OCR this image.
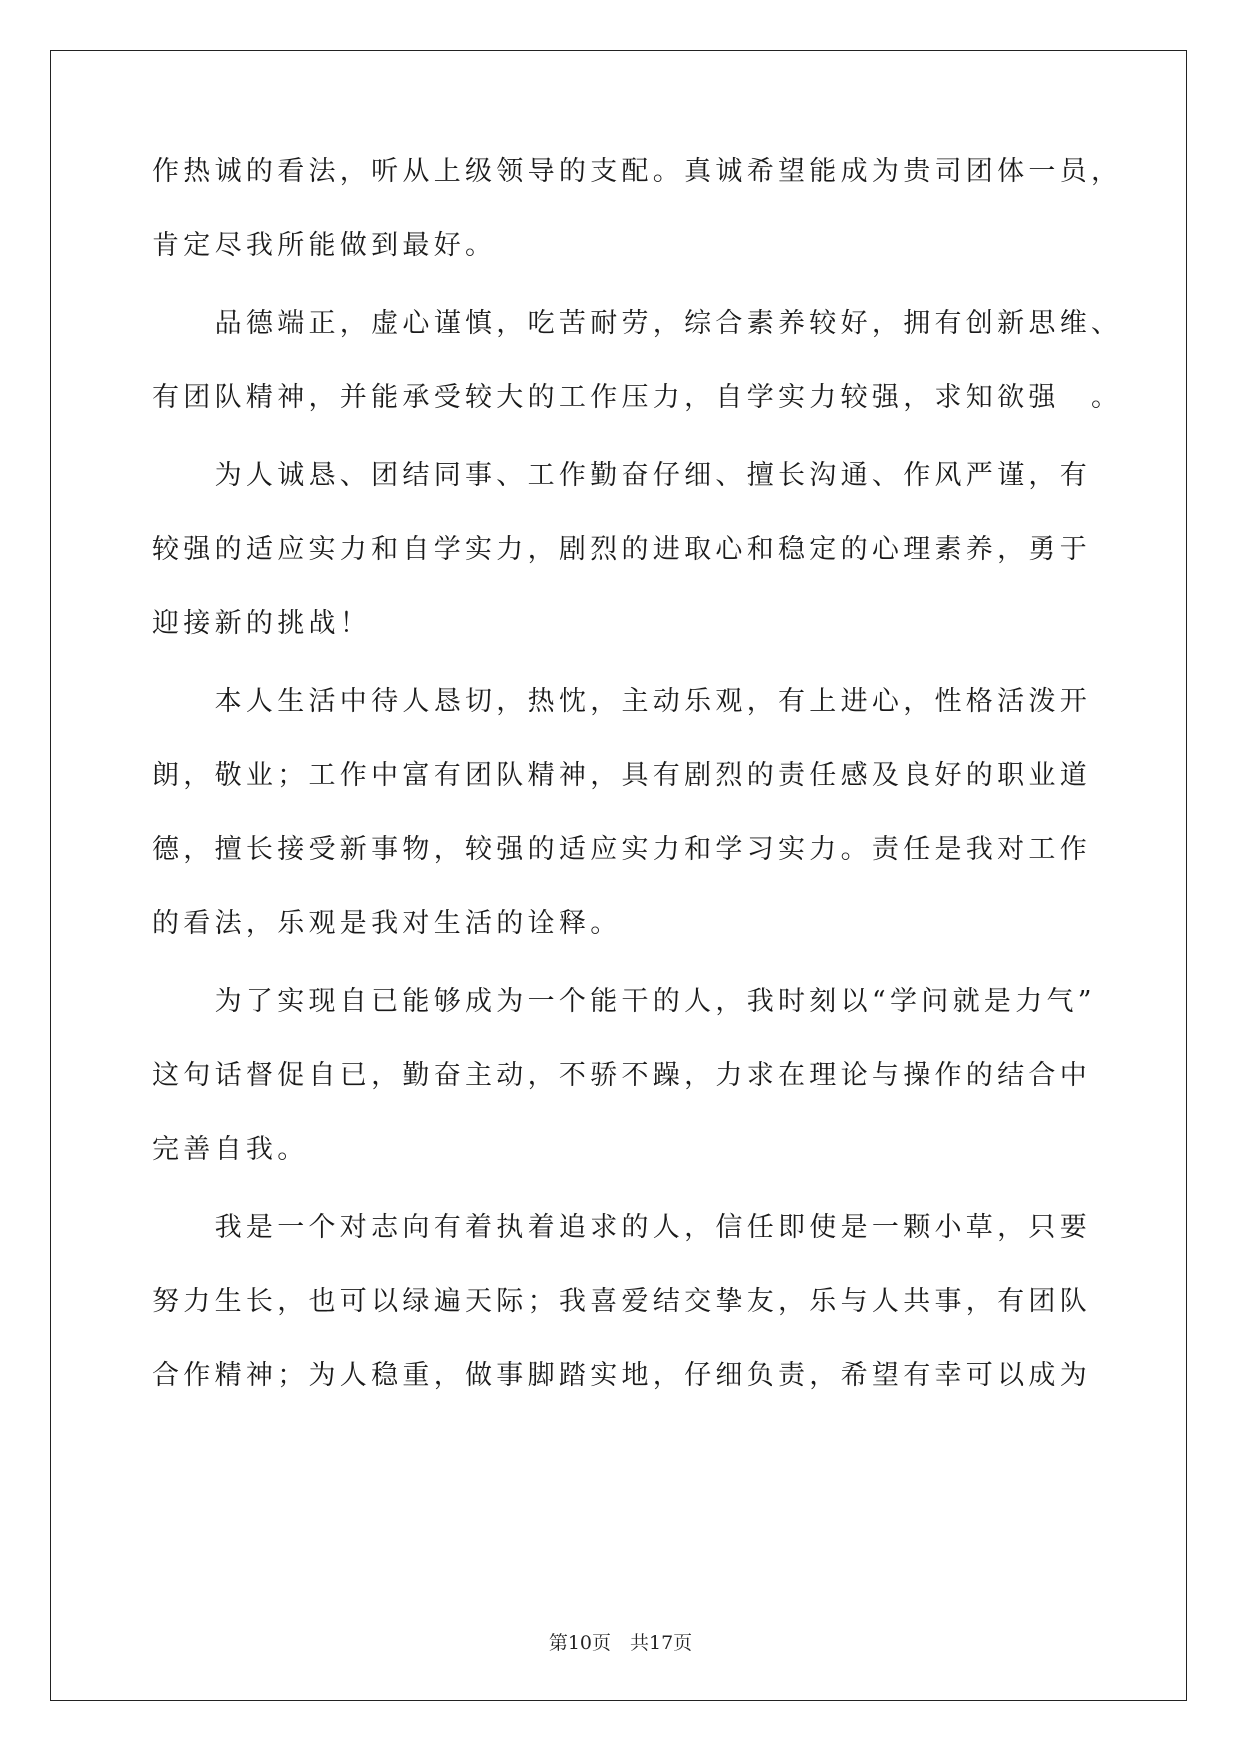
作热诚的看法，听从上级领导的支配。真诚希望能成为贵司团体一员，
肯定尽我所能做到最好。
　　品德端正，虚心谨慎，吃苦耐劳，综合素养较好，拥有创新思维、
有团队精神，并能承受较大的工作压力，自学实力较强，求知欲强　。
　　为人诚恳、团结同事、工作勤奋仔细、擅长沟通、作风严谨，有
较强的适应实力和自学实力，剧烈的进取心和稳定的心理素养，勇于
迎接新的挑战！
　　本人生活中待人恳切，热忱，主动乐观，有上进心，性格活泼开
朗，敬业；工作中富有团队精神，具有剧烈的责任感及良好的职业道
德，擅长接受新事物，较强的适应实力和学习实力。责任是我对工作
的看法，乐观是我对生活的诠释。
　　为了实现自已能够成为一个能干的人，我时刻以“学问就是力气”
这句话督促自已，勤奋主动，不骄不躁，力求在理论与操作的结合中
完善自我。
　　我是一个对志向有着执着追求的人，信任即使是一颗小草，只要
努力生长，也可以绿遍天际；我喜爱结交挚友，乐与人共事，有团队
合作精神；为人稳重，做事脚踏实地，仔细负责，希望有幸可以成为
第10页　共17页
